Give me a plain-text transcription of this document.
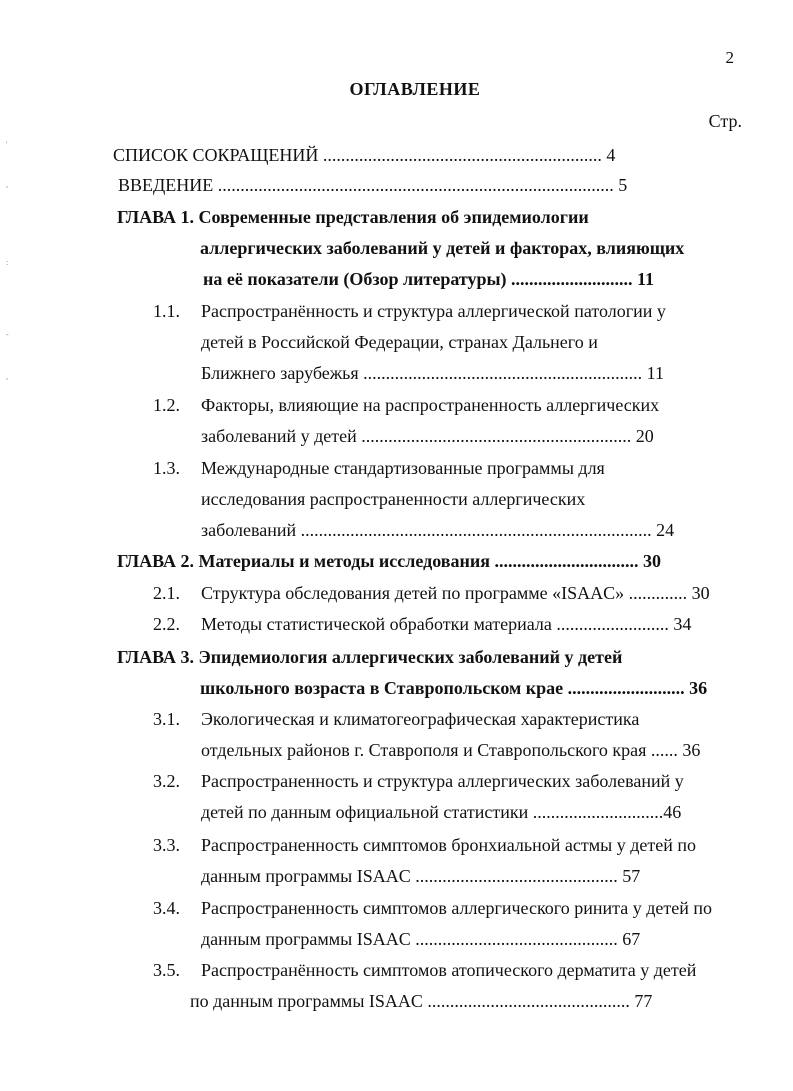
2
ОГЛАВЛЕНИЕ
Стр.
СПИСОК СОКРАЩЕНИЙ .............................................................. 4
ВВЕДЕНИЕ ........................................................................................ 5
ГЛАВА 1. Современные представления об эпидемиологии
аллергических заболеваний у детей и факторах, влияющих
на её показатели (Обзор литературы) ........................... 11
1.1. Распространённость и структура аллергической патологии у
детей в Российской Федерации, странах Дальнего и
Ближнего зарубежья .............................................................. 11
1.2. Факторы, влияющие на распространенность аллергических
заболеваний у детей ............................................................ 20
1.3. Международные стандартизованные программы для
исследования распространенности аллергических
заболеваний .............................................................................. 24
ГЛАВА 2. Материалы и методы исследования ................................ 30
2.1. Структура обследования детей по программе «ISAAC» ............. 30
2.2. Методы статистической обработки материала ......................... 34
ГЛАВА 3. Эпидемиология аллергических заболеваний у детей
школьного возраста в Ставропольском крае .......................... 36
3.1. Экологическая и климатогеографическая характеристика
отдельных районов г. Ставрополя и Ставропольского края ...... 36
3.2. Распространенность и структура аллергических заболеваний у
детей по данным официальной статистики .............................46
3.3. Распространенность симптомов бронхиальной астмы у детей по
данным программы ISAAC ............................................. 57
3.4. Распространенность симптомов аллергического ринита у детей по
данным программы ISAAC ............................................. 67
3.5. Распространённость симптомов атопического дерматита у детей
по данным программы ISAAC ............................................. 77
'
,
:
-
,
